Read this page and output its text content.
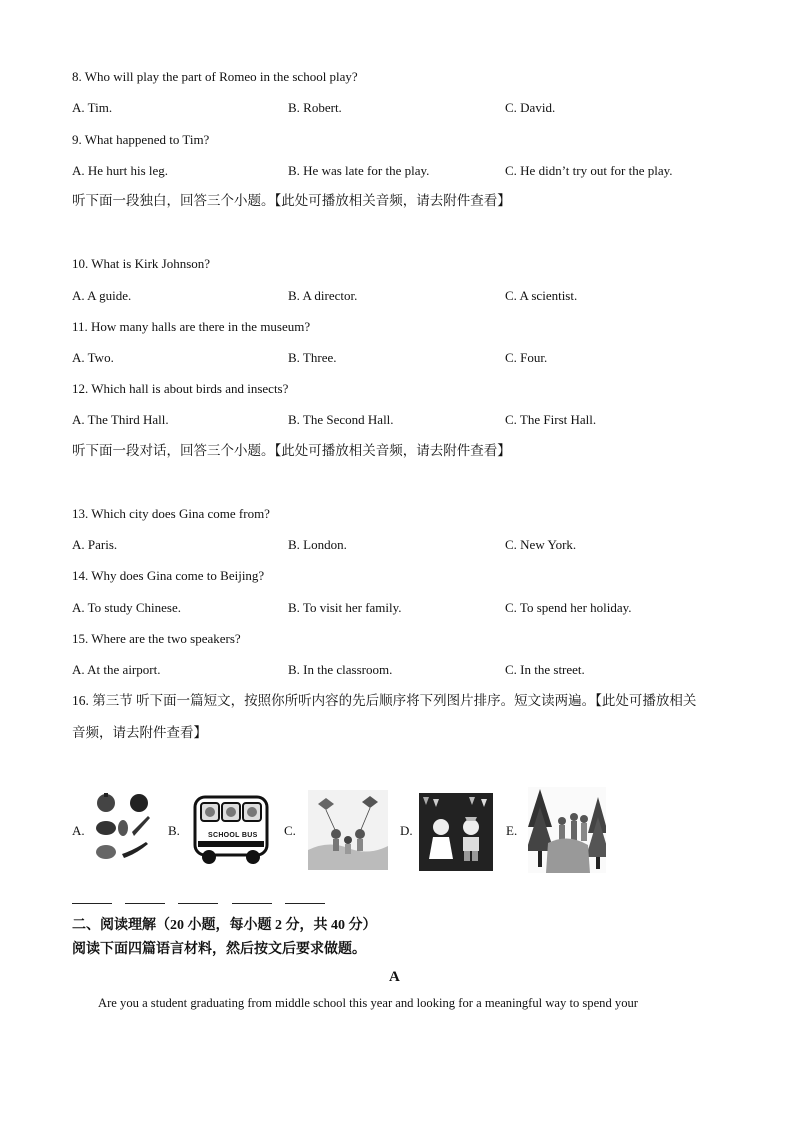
8. Who will play the part of Romeo in the school play?
A. Tim.	B. Robert.	C. David.
9. What happened to Tim?
A. He hurt his leg.	B. He was late for the play.	C. He didn’t try out for the play.
听下面一段独白，回答三个小题。【此处可播放相关音频，请去附件查看】
10. What is Kirk Johnson?
A. A guide.	B. A director.	C. A scientist.
11. How many halls are there in the museum?
A. Two.	B. Three.	C. Four.
12. Which hall is about birds and insects?
A. The Third Hall.	B. The Second Hall.	C. The First Hall.
听下面一段对话，回答三个小题。【此处可播放相关音频，请去附件查看】
13. Which city does Gina come from?
A. Paris.	B. London.	C. New York.
14. Why does Gina come to Beijing?
A. To study Chinese.	B. To visit her family.	C. To spend her holiday.
15. Where are the two speakers?
A. At the airport.	B. In the classroom.	C. In the street.
16. 第三节 听下面一篇短文，按照你所听内容的先后顺序将下列图片排序。短文读两遍。【此处可播放相关
音频，请去附件查看】
A.	B.	SCHOOL BUS C.	D.	E.
二、阅读理解（20 小题，每小题 2 分，共 40 分）
阅读下面四篇语言材料，然后按文后要求做题。
A
Are you a student graduating from middle school this year and looking for a meaningful way to spend your
